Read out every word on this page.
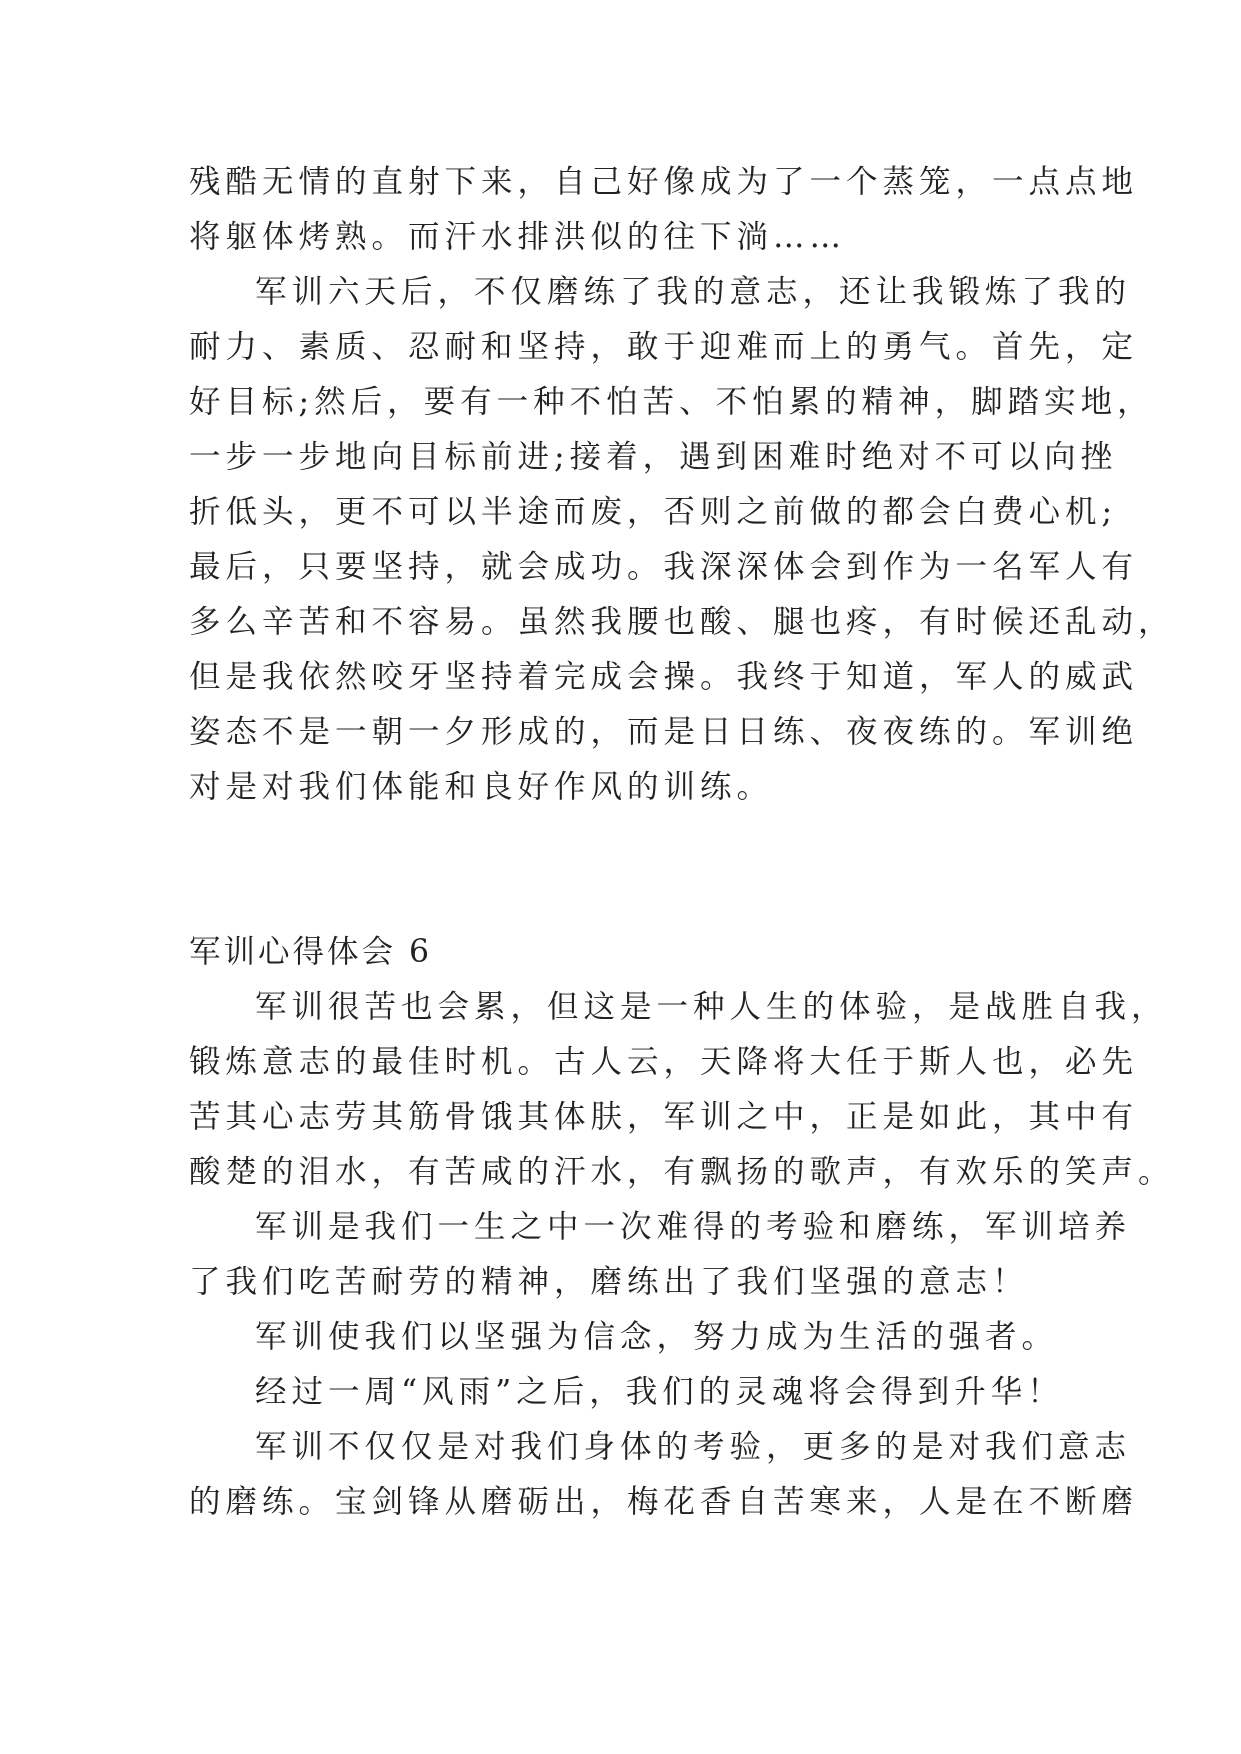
残酷无情的直射下来，自己好像成为了一个蒸笼，一点点地
将躯体烤熟。而汗水排洪似的往下淌……
军训六天后，不仅磨练了我的意志，还让我锻炼了我的
耐力、素质、忍耐和坚持，敢于迎难而上的勇气。首先，定
好目标;然后，要有一种不怕苦、不怕累的精神，脚踏实地，
一步一步地向目标前进;接着，遇到困难时绝对不可以向挫
折低头，更不可以半途而废，否则之前做的都会白费心机;
最后，只要坚持，就会成功。我深深体会到作为一名军人有
多么辛苦和不容易。虽然我腰也酸、腿也疼，有时候还乱动，
但是我依然咬牙坚持着完成会操。我终于知道，军人的威武
姿态不是一朝一夕形成的，而是日日练、夜夜练的。军训绝
对是对我们体能和良好作风的训练。
军训心得体会 6
军训很苦也会累，但这是一种人生的体验，是战胜自我，
锻炼意志的最佳时机。古人云，天降将大任于斯人也，必先
苦其心志劳其筋骨饿其体肤，军训之中，正是如此，其中有
酸楚的泪水，有苦咸的汗水，有飘扬的歌声，有欢乐的笑声。
军训是我们一生之中一次难得的考验和磨练，军训培养
了我们吃苦耐劳的精神，磨练出了我们坚强的意志！
军训使我们以坚强为信念，努力成为生活的强者。
经过一周“风雨”之后，我们的灵魂将会得到升华！
军训不仅仅是对我们身体的考验，更多的是对我们意志
的磨练。宝剑锋从磨砺出，梅花香自苦寒来，人是在不断磨
